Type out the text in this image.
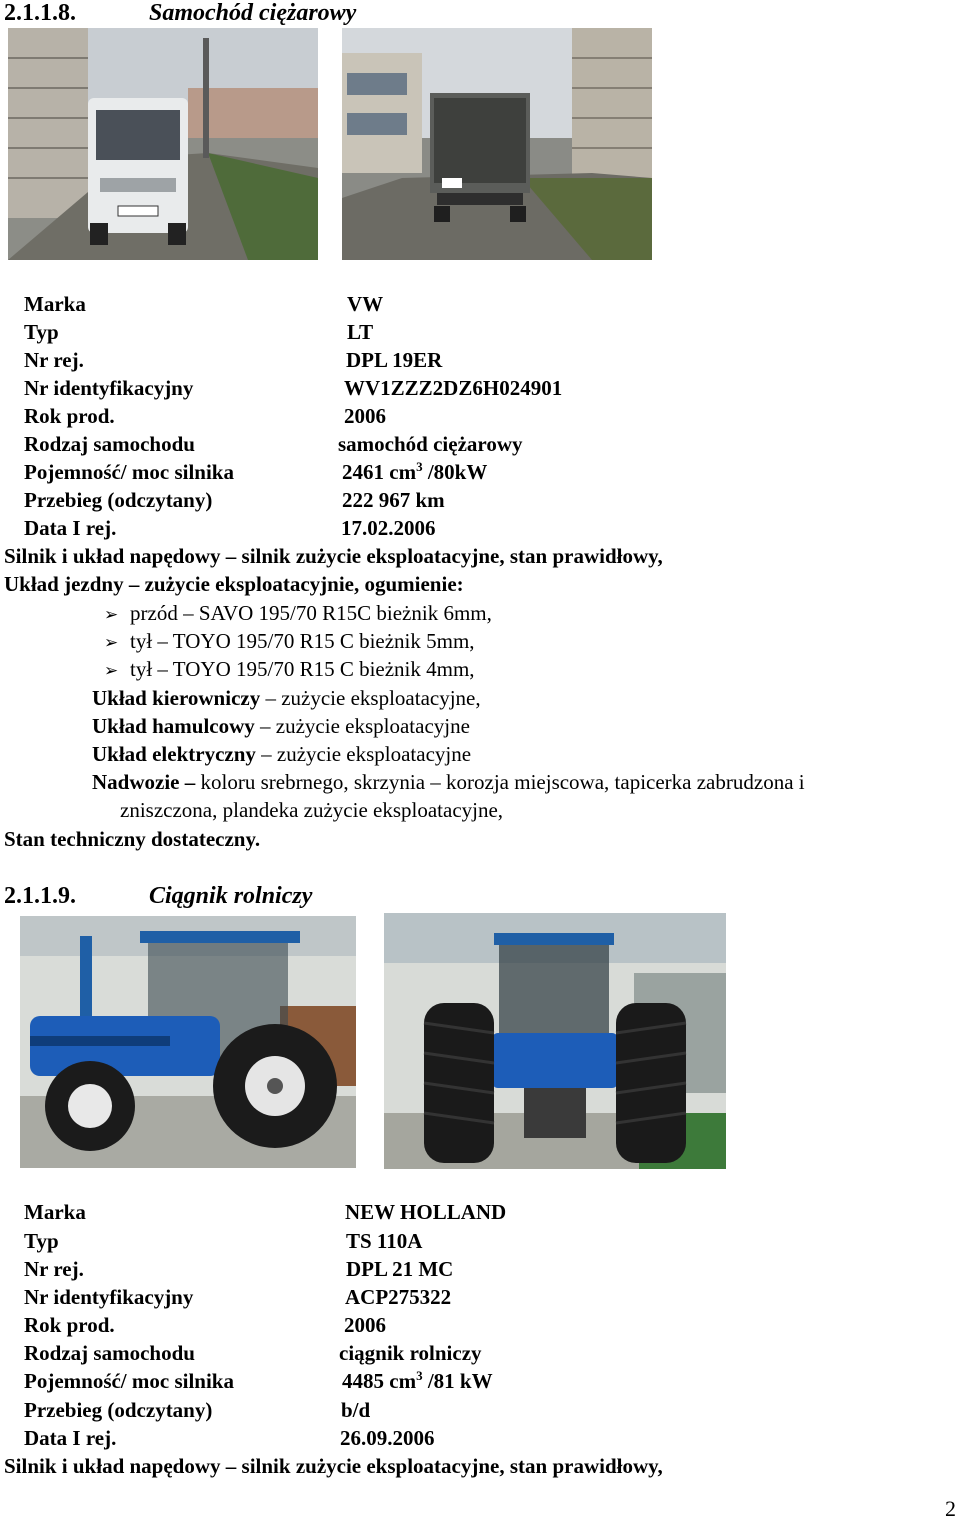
2.1.1.8.	Samochód ciężarowy
Marka	VW
Typ	LT
Nr rej.	DPL 19ER
Nr identyfikacyjny	WV1ZZZ2DZ6H024901
Rok prod.	2006
Rodzaj samochodu	samochód ciężarowy
Pojemność/ moc silnika	2461 $cm^3$ /80kW
Przebieg (odczytany)	222 967 km
Data I rej.	17.02.2006
Silnik i układ napędowy – silnik zużycie eksploatacyjne, stan prawidłowy,
Układ jezdny – zużycie eksploatacyjnie, ogumienie:
➢ przód – SAVO 195/70 R15C bieżnik 6mm,
➢ tył – TOYO 195/70 R15 C bieżnik 5mm,
➢ tył – TOYO 195/70 R15 C bieżnik 4mm,
Układ kierowniczy – zużycie eksploatacyjne,
Układ hamulcowy – zużycie eksploatacyjne
Układ elektryczny – zużycie eksploatacyjne
Nadwozie – koloru srebrnego, skrzynia – korozja miejscowa, tapicerka zabrudzona i
zniszczona, plandeka zużycie eksploatacyjne,
Stan techniczny dostateczny.
2.1.1.9.	Ciągnik rolniczy
Marka	NEW HOLLAND
Typ	TS 110A
Nr rej.	DPL 21 MC
Nr identyfikacyjny	ACP275322
Rok prod.	2006
Rodzaj samochodu	ciągnik rolniczy
Pojemność/ moc silnika	4485 $cm^3$ /81 kW
Przebieg (odczytany)	b/d
Data I rej.	26.09.2006
Silnik i układ napędowy – silnik zużycie eksploatacyjne, stan prawidłowy,
2
